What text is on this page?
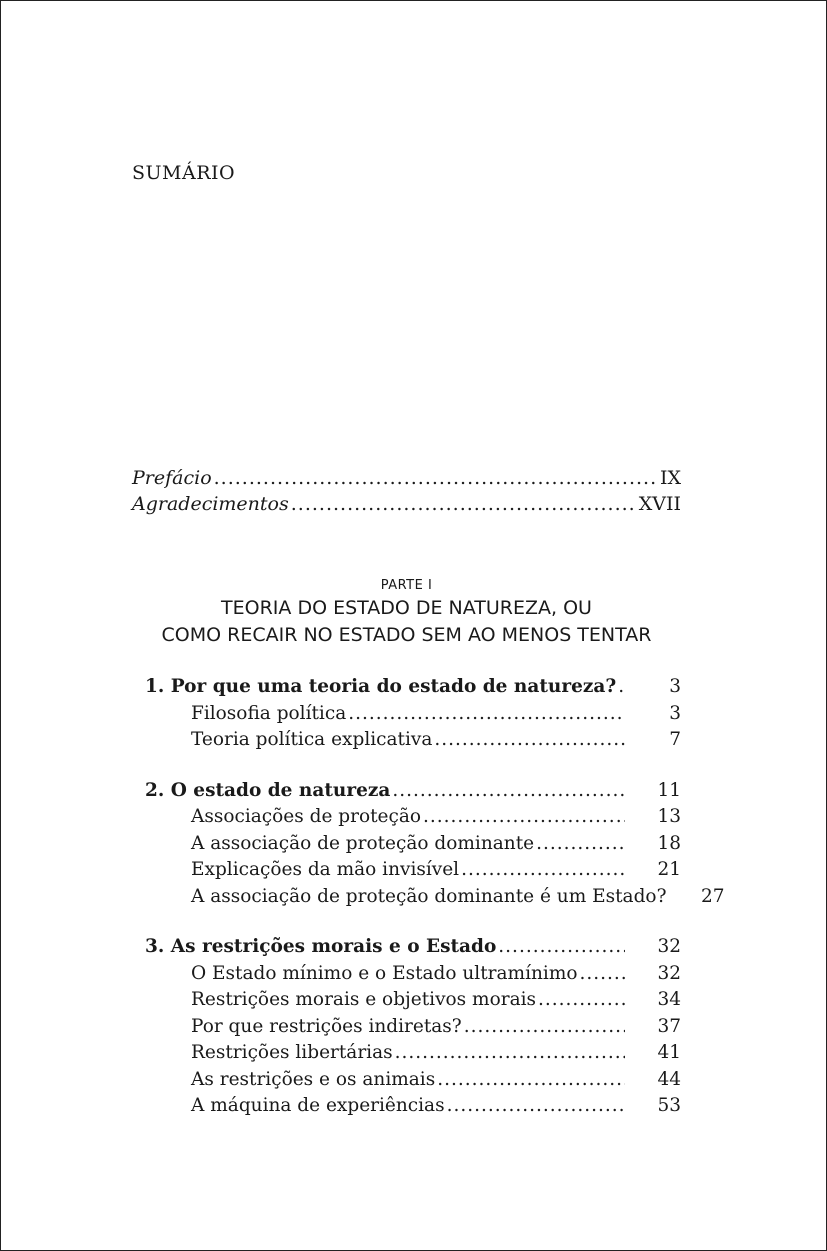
SUMÁRIO
Prefácio .....	IX
Agradecimentos .....	XVII
PARTE I
TEORIA DO ESTADO DE NATUREZA, OU
COMO RECAIR NO ESTADO SEM AO MENOS TENTAR
1. Por que uma teoria do estado de natureza? .....	3
Filosofia política .....	3
Teoria política explicativa .....	7
2. O estado de natureza .....	11
Associações de proteção .....	13
A associação de proteção dominante .....	18
Explicações da mão invisível .....	21
A associação de proteção dominante é um Estado?	27
3. As restrições morais e o Estado .....	32
O Estado mínimo e o Estado ultramínimo .....	32
Restrições morais e objetivos morais .....	34
Por que restrições indiretas? .....	37
Restrições libertárias .....	41
As restrições e os animais .....	44
A máquina de experiências .....	53
